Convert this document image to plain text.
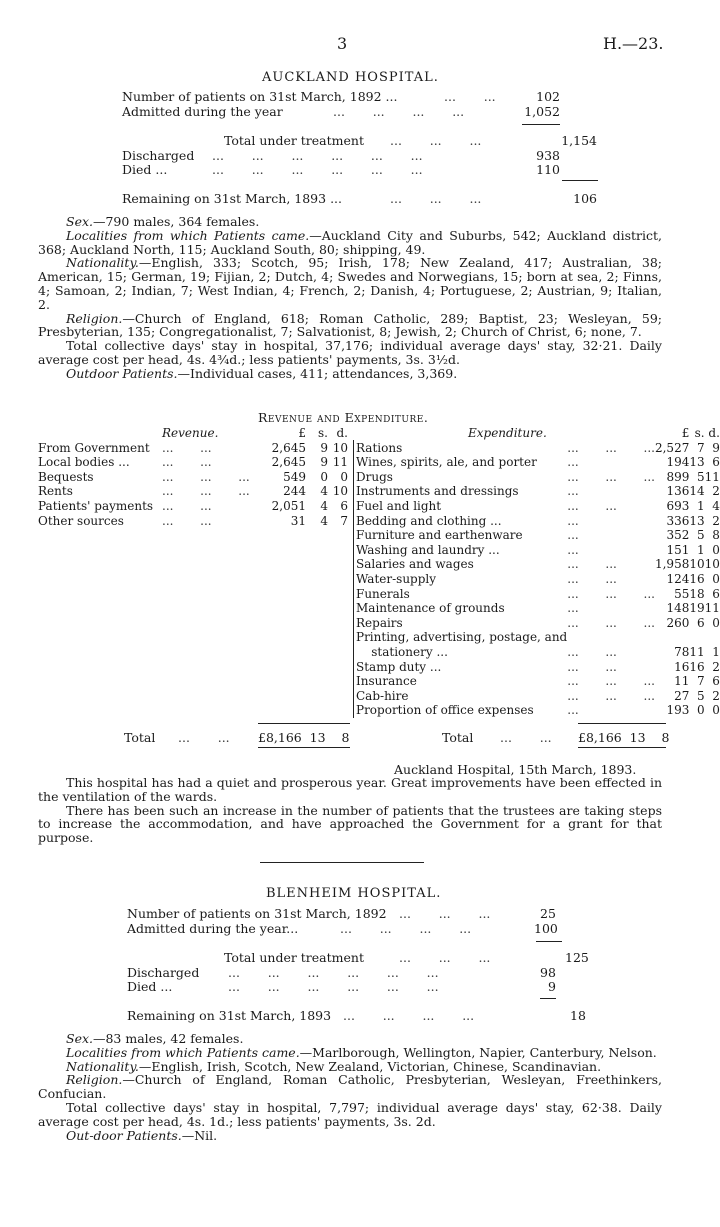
3	H.—23.
AUCKLAND HOSPITAL.
Number of patients on 31st March, 1892 ...	...       ...	102
Admitted during the year	...       ...       ...       ...	1,052
Total under treatment ...       ...       ...	1,154
Discharged ...       ...       ...       ...       ...       ...	938
Died ...	...       ...       ...       ...       ...       ...	110
Remaining on 31st March, 1893 ...	...       ...       ...	106

Sex.—790 males, 364 females.

Localities from which Patients came.—Auckland City and Suburbs, 542; Auckland district, 368; Auckland North, 115; Auckland South, 80; shipping, 49.

Nationality.—English, 333; Scotch, 95; Irish, 178; New Zealand, 417; Australian, 38; American, 15; German, 19; Fijian, 2; Dutch, 4; Swedes and Norwegians, 15; born at sea, 2; Finns, 4; Samoan, 2; Indian, 7; West Indian, 4; French, 2; Danish, 4; Portuguese, 2; Austrian, 9; Italian, 2.

Religion.—Church of England, 618; Roman Catholic, 289; Baptist, 23; Wesleyan, 59; Presbyterian, 135; Congregationalist, 7; Salvationist, 8; Jewish, 2; Church of Christ, 6; none, 7.

Total collective days' stay in hospital, 37,176; individual average days' stay, 32·21. Daily average cost per head, 4s. 4¾d.; less patients' payments, 3s. 3½d.

Outdoor Patients.—Individual cases, 411; attendances, 3,369.

Revenue and Expenditure.
Revenue.		£	s.	d.
From Government	...       ...	2,645	9	10
Local bodies ...	...       ...	2,645	9	11
Bequests	...       ...       ...	549	0	0
Rents	...       ...       ...	244	4	10
Patients' payments	...       ...	2,051	4	6
Other sources	...       ...	31	4	7
Expenditure.		£	s.	d.
Rations	...       ...       ...	2,527	7	9
Wines, spirits, ale, and porter	...	194	13	6
Drugs	...       ...       ...	899	5	11
Instruments and dressings	...	136	14	2
Fuel and light	...       ...	693	1	4
Bedding and clothing ...	...	336	13	2
Furniture and earthenware	...	352	5	8
Washing and laundry ...	...	151	1	0
Salaries and wages	...       ...	1,958	10	10
Water-supply	...       ...	124	16	0
Funerals	...       ...       ...	55	18	6
Maintenance of grounds	...	148	19	11
Repairs	...       ...       ...	260	6	0
Printing, advertising, postage, and				
stationery ...	...       ...	78	11	1
Stamp duty ...	...       ...	16	16	2
Insurance	...       ...       ...	11	7	6
Cab-hire	...       ...       ...	27	5	2
Proportion of office expenses	...	193	0	0
Total ...       ... £8,166  13    8	Total ...       ... £8,166  13    8
Auckland Hospital, 15th March, 1893.

This hospital has had a quiet and prosperous year. Great improvements have been effected in the ventilation of the wards.

There has been such an increase in the number of patients that the trustees are taking steps to increase the accommodation, and have approached the Government for a grant for that purpose.

BLENHEIM HOSPITAL.
Number of patients on 31st March, 1892 ...       ...       ...	25
Admitted during the year...	...       ...       ...       ...	100
Total under treatment	...       ...       ...	125
Discharged ...       ...       ...       ...       ...       ...	98
Died ...	...       ...       ...       ...       ...       ...	9
Remaining on 31st March, 1893 ...       ...       ...       ...	18

Sex.—83 males, 42 females.

Localities from which Patients came.—Marlborough, Wellington, Napier, Canterbury, Nelson.

Nationality.—English, Irish, Scotch, New Zealand, Victorian, Chinese, Scandinavian.

Religion.—Church of England, Roman Catholic, Presbyterian, Wesleyan, Freethinkers, Confucian.

Total collective days' stay in hospital, 7,797; individual average days' stay, 62·38. Daily average cost per head, 4s. 1d.; less patients' payments, 3s. 2d.

Out-door Patients.—Nil.
